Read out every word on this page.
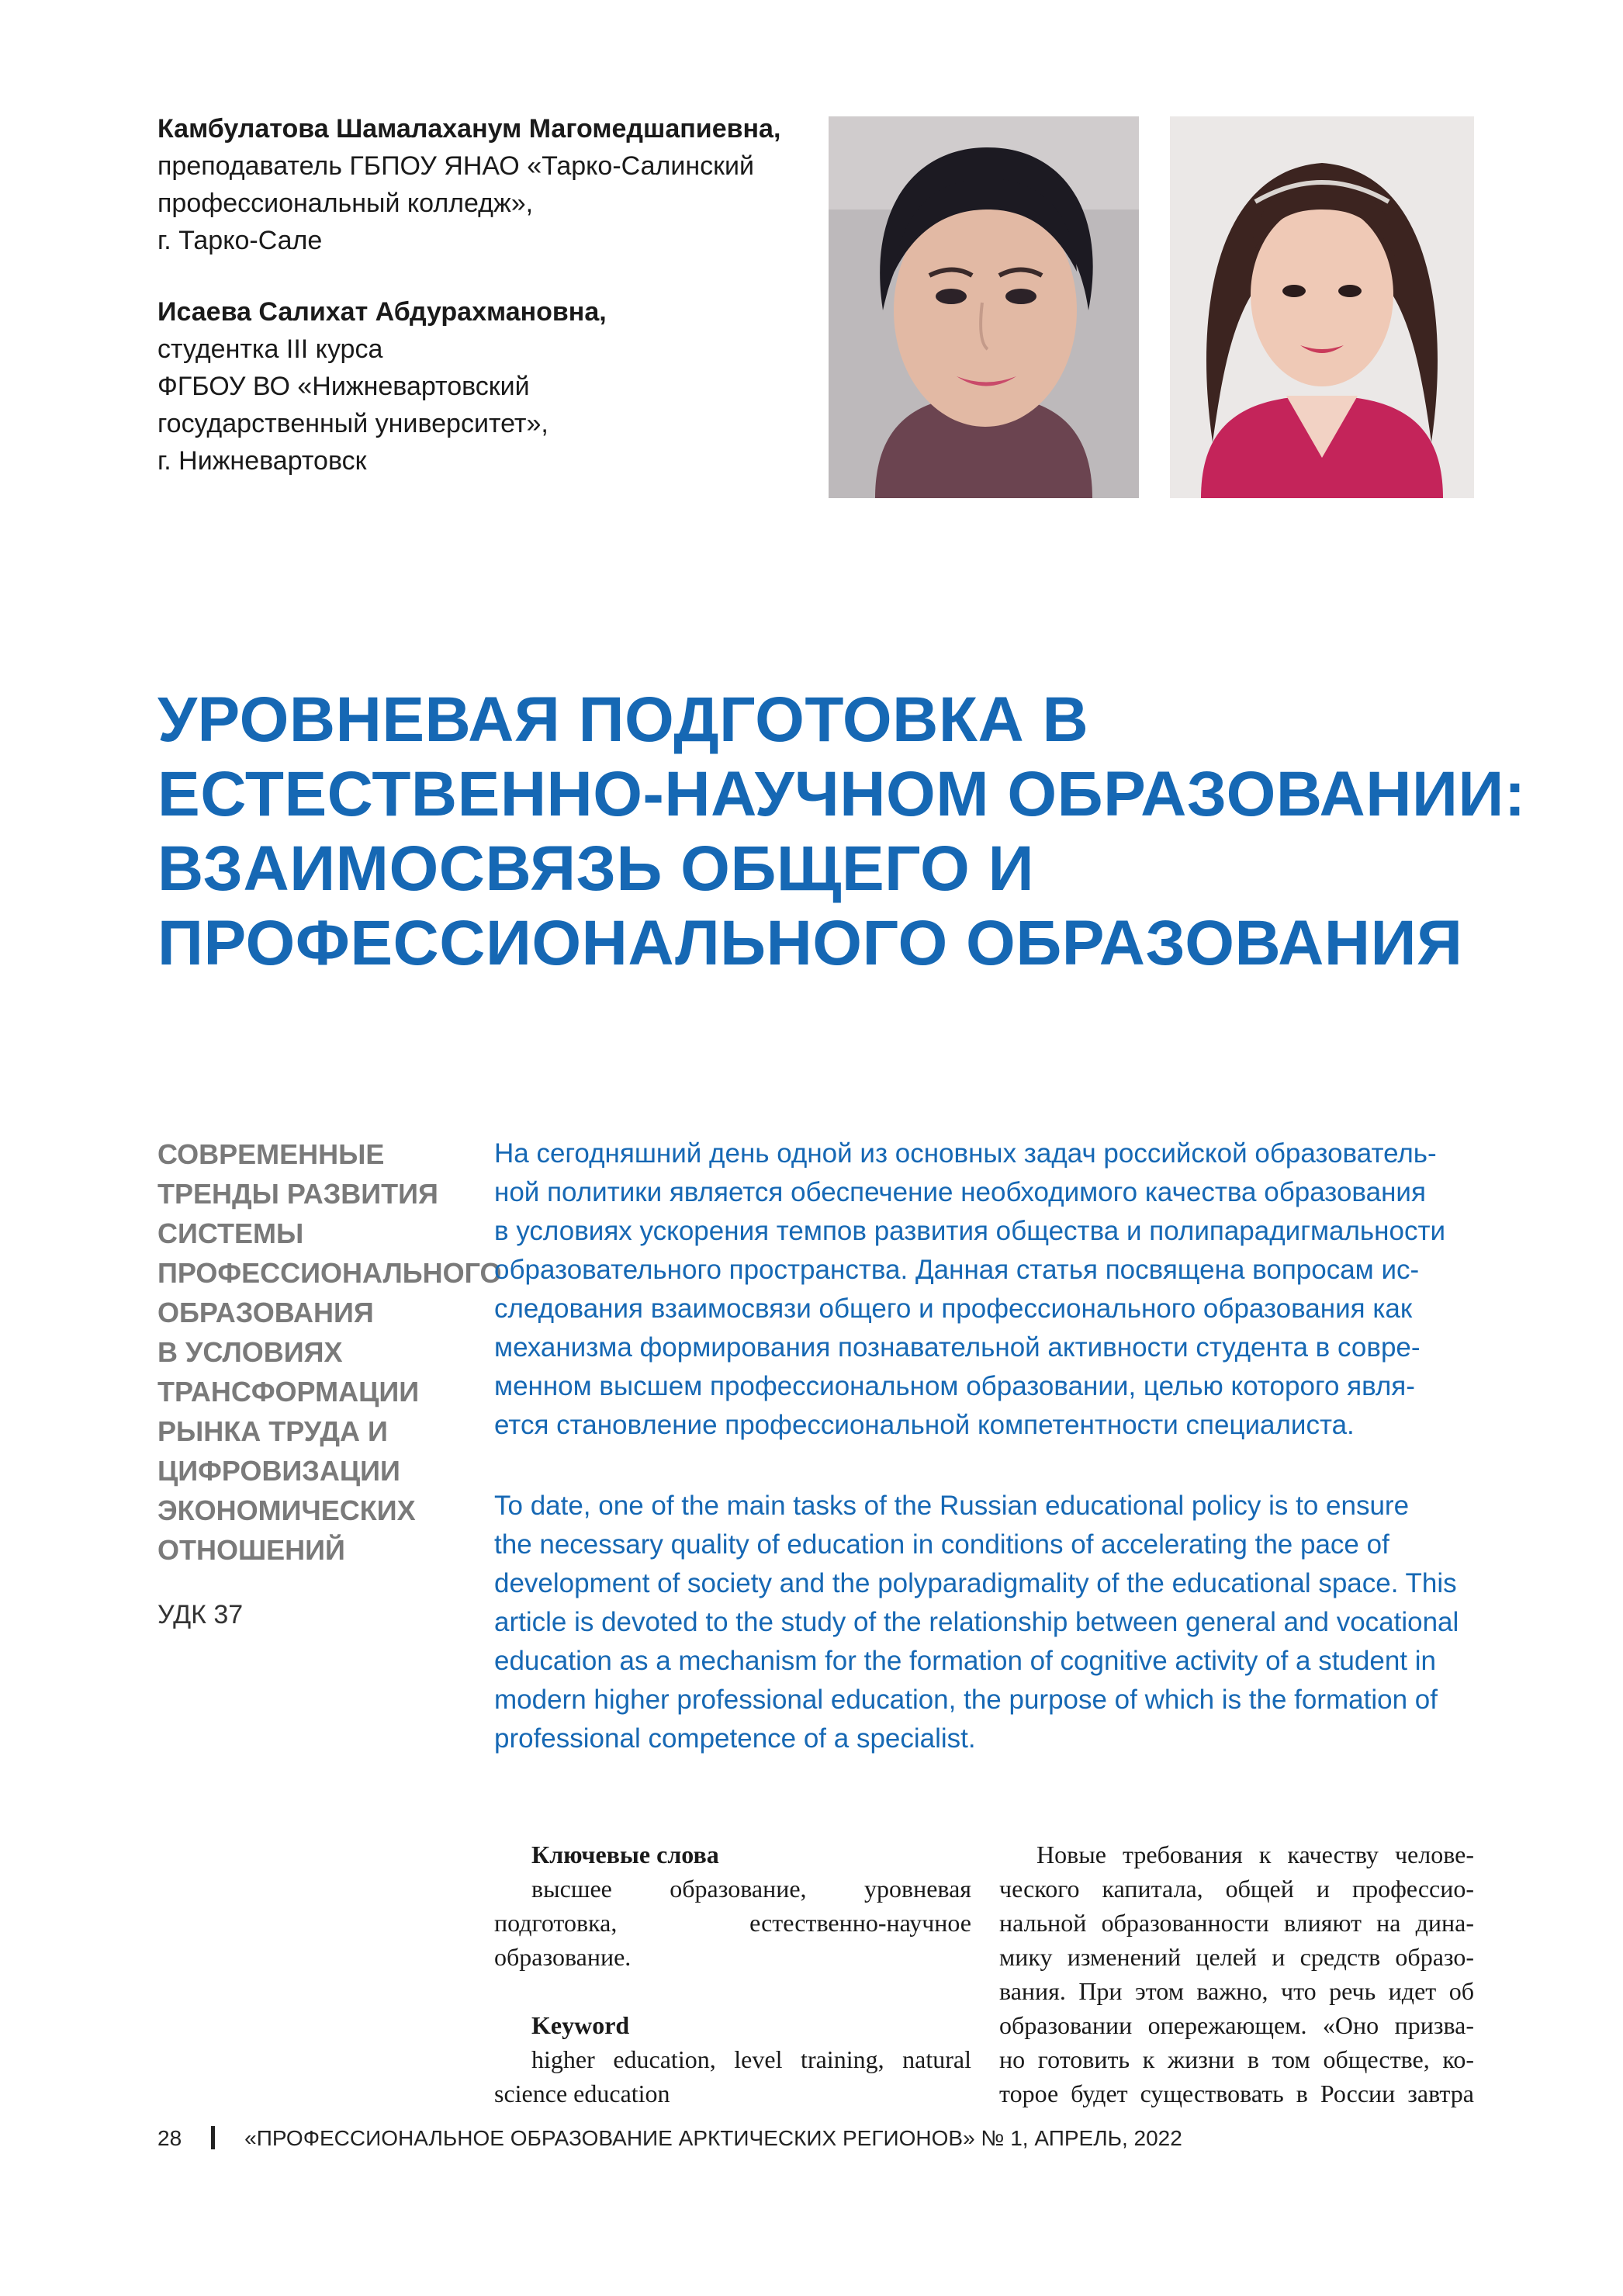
Камбулатова Шамалаханум Магомедшапиевна,
преподаватель ГБПОУ ЯНАО «Тарко-Салинский
профессиональный колледж»,
г. Тарко-Сале
Исаева Салихат Абдурахмановна,
студентка III курса
ФГБОУ ВО «Нижневартовский
государственный университет»,
г. Нижневартовск
УРОВНЕВАЯ ПОДГОТОВКА В
ЕСТЕСТВЕННО-НАУЧНОМ ОБРАЗОВАНИИ:
ВЗАИМОСВЯЗЬ ОБЩЕГО И
ПРОФЕССИОНАЛЬНОГО ОБРАЗОВАНИЯ
СОВРЕМЕННЫЕ
ТРЕНДЫ РАЗВИТИЯ
СИСТЕМЫ
ПРОФЕССИОНАЛЬНОГО
ОБРАЗОВАНИЯ
В УСЛОВИЯХ
ТРАНСФОРМАЦИИ
РЫНКА ТРУДА И
ЦИФРОВИЗАЦИИ
ЭКОНОМИЧЕСКИХ
ОТНОШЕНИЙ
УДК 37
На сегодняшний день одной из основных задач российской образователь-
ной политики является обеспечение необходимого качества образования
в условиях ускорения темпов развития общества и полипарадигмальности
образовательного пространства. Данная статья посвящена вопросам ис-
следования взаимосвязи общего и профессионального образования как
механизма формирования познавательной активности студента в совре-
менном высшем профессиональном образовании, целью которого явля-
ется становление профессиональной компетентности специалиста.
To date, one of the main tasks of the Russian educational policy is to ensure
the necessary quality of education in conditions of accelerating the pace of
development of society and the polyparadigmality of the educational space. This
article is devoted to the study of the relationship between general and vocational
education as a mechanism for the formation of cognitive activity of a student in
modern higher professional education, the purpose of which is the formation of
professional competence of a specialist.
Ключевые слова
высшее образование, уровневая подготовка, естественно-научное образование.
Keyword
higher education, level training, natural science education
Новые требования к качеству челове-
ческого капитала, общей и профессио-
нальной образованности влияют на дина-
мику изменений целей и средств образо-
вания. При этом важно, что речь идет об
образовании опережающем. «Оно призва-
но готовить к жизни в том обществе, ко-
торое будет существовать в России завтра
28	«ПРОФЕССИОНАЛЬНОЕ ОБРАЗОВАНИЕ АРКТИЧЕСКИХ РЕГИОНОВ» № 1, АПРЕЛЬ, 2022
